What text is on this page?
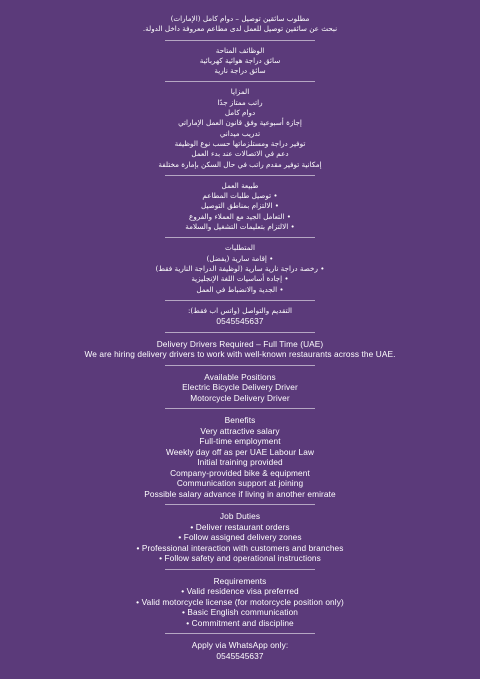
مطلوب سائقين توصيل – دوام كامل (الإمارات)
نبحث عن سائقين توصيل للعمل لدى مطاعم معروفة داخل الدولة.
الوظائف المتاحة
سائق دراجة هوائية كهربائية
سائق دراجة نارية
المزايا
راتب ممتاز جدًا
دوام كامل
إجازة أسبوعية وفق قانون العمل الإماراتي
تدريب ميداني
توفير دراجة ومستلزماتها حسب نوع الوظيفة
دعم في الاتصالات عند بدء العمل
إمكانية توفير مقدم راتب في حال السكن بإمارة مختلفة
طبيعة العمل
• توصيل طلبات المطاعم
• الالتزام بمناطق التوصيل
• التعامل الجيد مع العملاء والفروع
• الالتزام بتعليمات التشغيل والسلامة
المتطلبات
• إقامة سارية (يفضل)
• رخصة دراجة نارية سارية (لوظيفة الدراجة النارية فقط)
• إجادة أساسيات اللغة الإنجليزية
• الجدية والانضباط في العمل
التقديم والتواصل (واتس اب فقط):
0545545637
Delivery Drivers Required – Full Time (UAE)
We are hiring delivery drivers to work with well-known restaurants across the UAE.
Available Positions
Electric Bicycle Delivery Driver
Motorcycle Delivery Driver
Benefits
Very attractive salary
Full-time employment
Weekly day off as per UAE Labour Law
Initial training provided
Company-provided bike & equipment
Communication support at joining
Possible salary advance if living in another emirate
Job Duties
• Deliver restaurant orders
• Follow assigned delivery zones
• Professional interaction with customers and branches
• Follow safety and operational instructions
Requirements
• Valid residence visa preferred
• Valid motorcycle license (for motorcycle position only)
• Basic English communication
• Commitment and discipline
Apply via WhatsApp only:
0545545637
